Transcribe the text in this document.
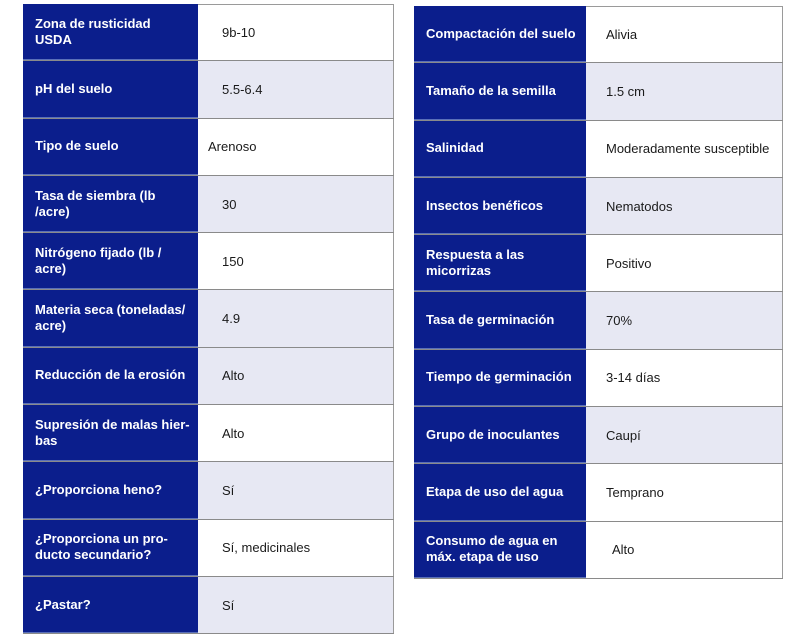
Zona de rusticidad USDA	9b-10
pH del suelo	5.5-6.4
Tipo de suelo	Arenoso
Tasa de siembra (lb /acre)	30
Nitrógeno fijado (lb / acre)	150
Materia seca (toneladas/ acre)	4.9
Reducción de la erosión	Alto
Supresión de malas hier-bas	Alto
¿Proporciona heno?	Sí
¿Proporciona un pro-ducto secundario?	Sí, medicinales
¿Pastar?	Sí
Compactación del suelo	Alivia
Tamaño de la semilla	1.5 cm
Salinidad	Moderadamente susceptible
Insectos benéficos	Nematodos
Respuesta a las micorrizas	Positivo
Tasa de germinación	70%
Tiempo de germinación	3-14 días
Grupo de inoculantes	Caupí
Etapa de uso del agua	Temprano
Consumo de agua en máx. etapa de uso	Alto
